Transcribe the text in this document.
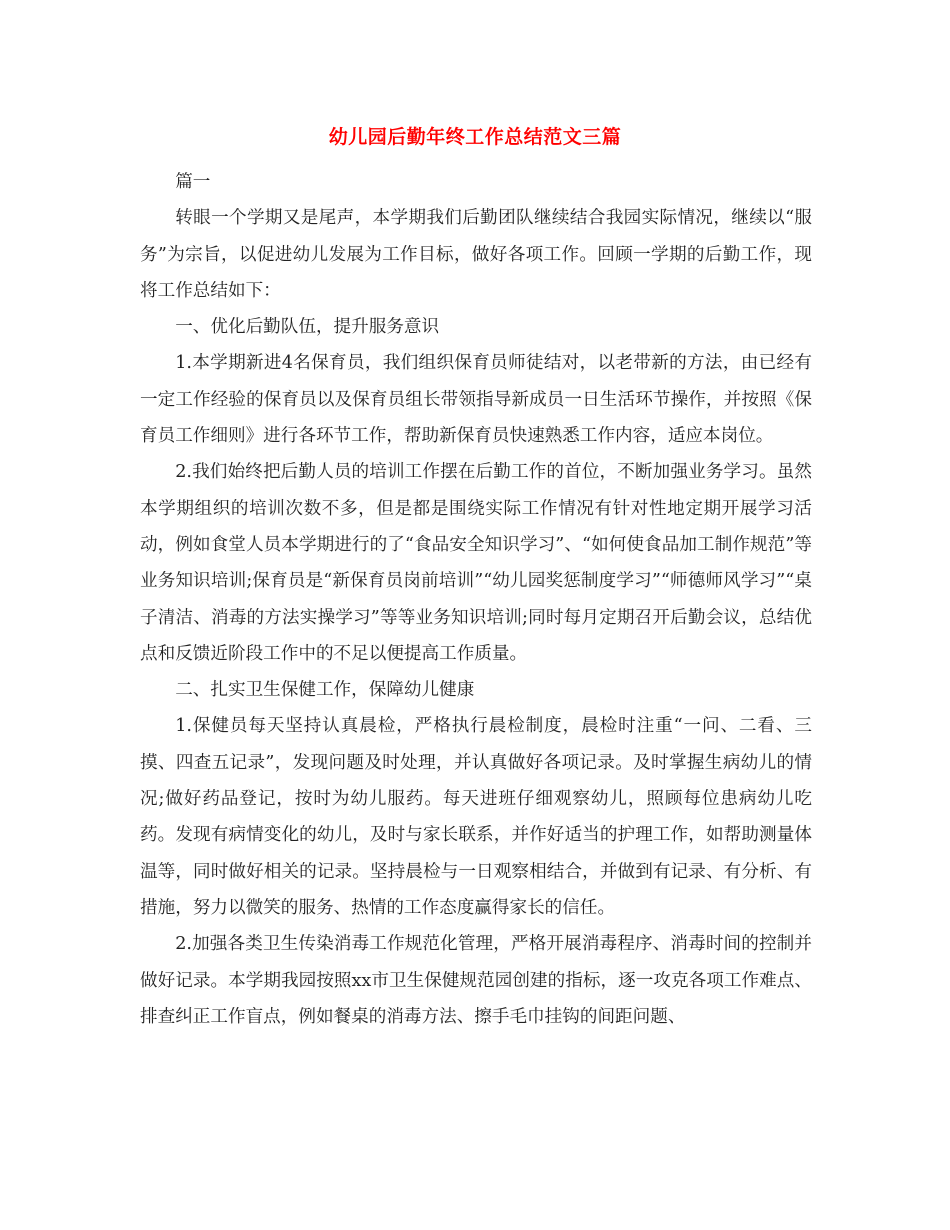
幼儿园后勤年终工作总结范文三篇

篇一

转眼一个学期又是尾声，本学期我们后勤团队继续结合我园实际情况，继续以“服务”为宗旨，以促进幼儿发展为工作目标，做好各项工作。回顾一学期的后勤工作，现将工作总结如下：

一、优化后勤队伍，提升服务意识

1.本学期新进4名保育员，我们组织保育员师徒结对，以老带新的方法，由已经有一定工作经验的保育员以及保育员组长带领指导新成员一日生活环节操作，并按照《保育员工作细则》进行各环节工作，帮助新保育员快速熟悉工作内容，适应本岗位。

2.我们始终把后勤人员的培训工作摆在后勤工作的首位，不断加强业务学习。虽然本学期组织的培训次数不多，但是都是围绕实际工作情况有针对性地定期开展学习活动，例如食堂人员本学期进行的了“食品安全知识学习”、“如何使食品加工制作规范”等业务知识培训;保育员是“新保育员岗前培训”“幼儿园奖惩制度学习”“师德师风学习”“桌子清洁、消毒的方法实操学习”等等业务知识培训;同时每月定期召开后勤会议，总结优点和反馈近阶段工作中的不足以便提高工作质量。

二、扎实卫生保健工作，保障幼儿健康

1.保健员每天坚持认真晨检，严格执行晨检制度，晨检时注重“一问、二看、三摸、四查五记录”，发现问题及时处理，并认真做好各项记录。及时掌握生病幼儿的情况;做好药品登记，按时为幼儿服药。每天进班仔细观察幼儿，照顾每位患病幼儿吃药。发现有病情变化的幼儿，及时与家长联系，并作好适当的护理工作，如帮助测量体温等，同时做好相关的记录。坚持晨检与一日观察相结合，并做到有记录、有分析、有措施，努力以微笑的服务、热情的工作态度赢得家长的信任。

2.加强各类卫生传染消毒工作规范化管理，严格开展消毒程序、消毒时间的控制并做好记录。本学期我园按照xx市卫生保健规范园创建的指标，逐一攻克各项工作难点、排查纠正工作盲点，例如餐桌的消毒方法、擦手毛巾挂钩的间距问题、
